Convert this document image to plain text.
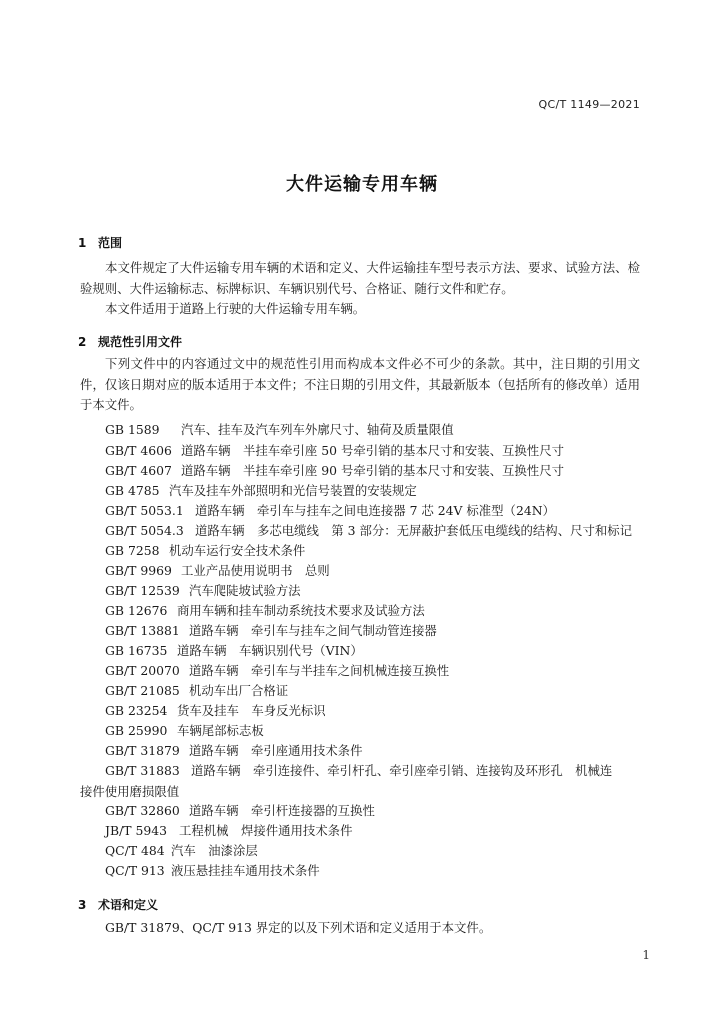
QC/T 1149—2021
大件运输专用车辆
1 范围

本文件规定了大件运输专用车辆的术语和定义、大件运输挂车型号表示方法、要求、试验方法、检验规则、大件运输标志、标牌标识、车辆识别代号、合格证、随行文件和贮存。

本文件适用于道路上行驶的大件运输专用车辆。

2 规范性引用文件

下列文件中的内容通过文中的规范性引用而构成本文件必不可少的条款。其中，注日期的引用文件，仅该日期对应的版本适用于本文件；不注日期的引用文件，其最新版本（包括所有的修改单）适用于本文件。

GB 1589 汽车、挂车及汽车列车外廓尺寸、轴荷及质量限值
GB/T 4606 道路车辆　半挂车牵引座 50 号牵引销的基本尺寸和安装、互换性尺寸
GB/T 4607 道路车辆　半挂车牵引座 90 号牵引销的基本尺寸和安装、互换性尺寸
GB 4785 汽车及挂车外部照明和光信号装置的安装规定
GB/T 5053.1 道路车辆　牵引车与挂车之间电连接器 7 芯 24V 标准型（24N）
GB/T 5054.3 道路车辆　多芯电缆线　第 3 部分：无屏蔽护套低压电缆线的结构、尺寸和标记
GB 7258 机动车运行安全技术条件
GB/T 9969 工业产品使用说明书　总则
GB/T 12539 汽车爬陡坡试验方法
GB 12676 商用车辆和挂车制动系统技术要求及试验方法
GB/T 13881 道路车辆　牵引车与挂车之间气制动管连接器
GB 16735 道路车辆　车辆识别代号（VIN）
GB/T 20070 道路车辆　牵引车与半挂车之间机械连接互换性
GB/T 21085 机动车出厂合格证
GB 23254 货车及挂车　车身反光标识
GB 25990 车辆尾部标志板
GB/T 31879 道路车辆　牵引座通用技术条件
GB/T 31883 道路车辆　牵引连接件、牵引杆孔、牵引座牵引销、连接钩及环形孔　机械连
接件使用磨损限值
GB/T 32860 道路车辆　牵引杆连接器的互换性
JB/T 5943 工程机械　焊接件通用技术条件
QC/T 484 汽车　油漆涂层
QC/T 913 液压悬挂挂车通用技术条件
3 术语和定义

GB/T 31879、QC/T 913 界定的以及下列术语和定义适用于本文件。

1
